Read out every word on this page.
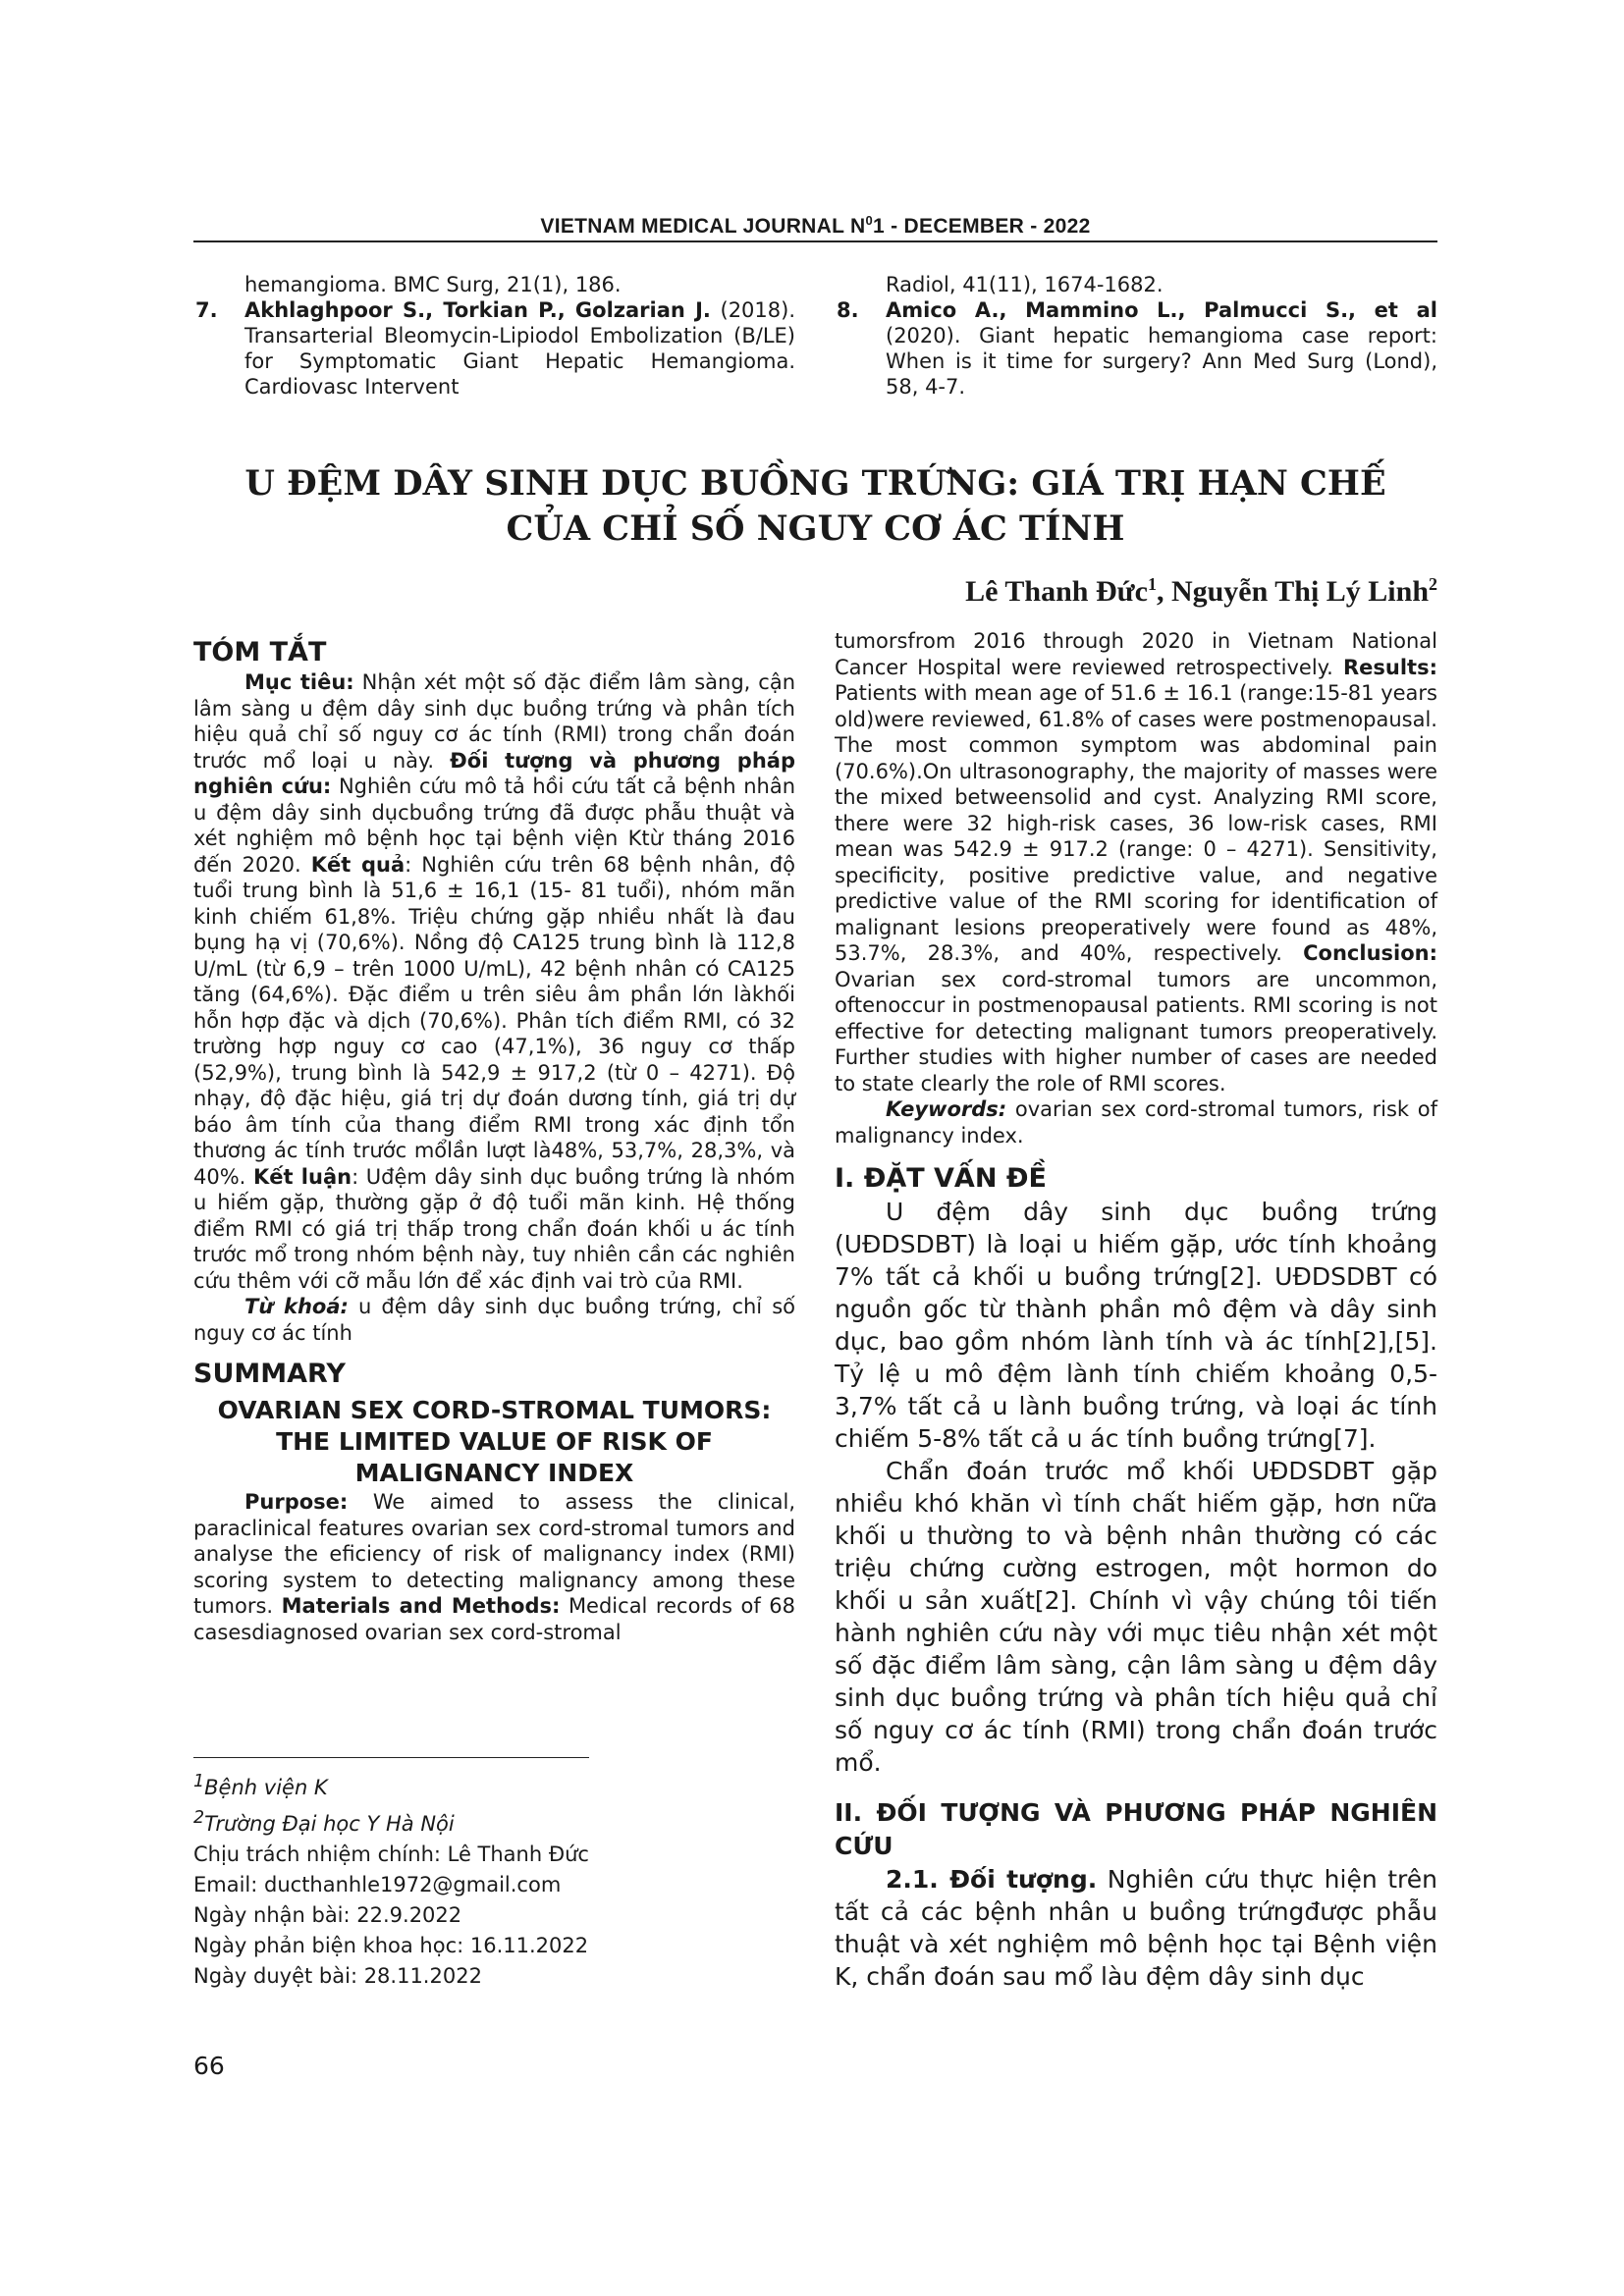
VIETNAM MEDICAL JOURNAL $N^01$ - DECEMBER - 2022
hemangioma. BMC Surg, 21(1), 186.
7. Akhlaghpoor S., Torkian P., Golzarian J. (2018). Transarterial Bleomycin-Lipiodol Embolization (B/LE) for Symptomatic Giant Hepatic Hemangioma. Cardiovasc Intervent
Radiol, 41(11), 1674-1682.
8. Amico A., Mammino L., Palmucci S., et al (2020). Giant hepatic hemangioma case report: When is it time for surgery? Ann Med Surg (Lond), 58, 4-7.
U ĐỆM DÂY SINH DỤC BUỒNG TRỨNG: GIÁ TRỊ HẠN CHẾ
CỦA CHỈ SỐ NGUY CƠ ÁC TÍNH
Lê Thanh Đức$^1$, Nguyễn Thị Lý Linh$^2$
TÓM TẮT

Mục tiêu: Nhận xét một số đặc điểm lâm sàng, cận lâm sàng u đệm dây sinh dục buồng trứng và phân tích hiệu quả chỉ số nguy cơ ác tính (RMI) trong chẩn đoán trước mổ loại u này. Đối tượng và phương pháp nghiên cứu: Nghiên cứu mô tả hồi cứu tất cả bệnh nhân u đệm dây sinh dụcbuồng trứng đã được phẫu thuật và xét nghiệm mô bệnh học tại bệnh viện Ktừ tháng 2016 đến 2020. Kết quả: Nghiên cứu trên 68 bệnh nhân, độ tuổi trung bình là 51,6 ± 16,1 (15- 81 tuổi), nhóm mãn kinh chiếm 61,8%. Triệu chứng gặp nhiều nhất là đau bụng hạ vị (70,6%). Nồng độ CA125 trung bình là 112,8 U/mL (từ 6,9 – trên 1000 U/mL), 42 bệnh nhân có CA125 tăng (64,6%). Đặc điểm u trên siêu âm phần lớn làkhối hỗn hợp đặc và dịch (70,6%). Phân tích điểm RMI, có 32 trường hợp nguy cơ cao (47,1%), 36 nguy cơ thấp (52,9%), trung bình là 542,9 ± 917,2 (từ 0 – 4271). Độ nhạy, độ đặc hiệu, giá trị dự đoán dương tính, giá trị dự báo âm tính của thang điểm RMI trong xác định tổn thương ác tính trước mổlần lượt là48%, 53,7%, 28,3%, và 40%. Kết luận: Uđệm dây sinh dục buồng trứng là nhóm u hiếm gặp, thường gặp ở độ tuổi mãn kinh. Hệ thống điểm RMI có giá trị thấp trong chẩn đoán khối u ác tính trước mổ trong nhóm bệnh này, tuy nhiên cần các nghiên cứu thêm với cỡ mẫu lớn để xác định vai trò của RMI.

Từ khoá: u đệm dây sinh dục buồng trứng, chỉ số nguy cơ ác tính

SUMMARY
OVARIAN SEX CORD-STROMAL TUMORS:
THE LIMITED VALUE OF RISK OF
MALIGNANCY INDEX

Purpose: We aimed to assess the clinical, paraclinical features ovarian sex cord-stromal tumors and analyse the eficiency of risk of malignancy index (RMI) scoring system to detecting malignancy among these tumors. Materials and Methods: Medical records of 68 casesdiagnosed ovarian sex cord-stromal

$^1$Bệnh viện K
$^2$Trường Đại học Y Hà Nội
Chịu trách nhiệm chính: Lê Thanh Đức
Email: ducthanhle1972@gmail.com
Ngày nhận bài: 22.9.2022
Ngày phản biện khoa học: 16.11.2022
Ngày duyệt bài: 28.11.2022
66

tumorsfrom 2016 through 2020 in Vietnam National Cancer Hospital were reviewed retrospectively. Results: Patients with mean age of 51.6 ± 16.1 (range:15-81 years old)were reviewed, 61.8% of cases were postmenopausal. The most common symptom was abdominal pain (70.6%).On ultrasonography, the majority of masses were the mixed betweensolid and cyst. Analyzing RMI score, there were 32 high-risk cases, 36 low-risk cases, RMI mean was 542.9 ± 917.2 (range: 0 – 4271). Sensitivity, specificity, positive predictive value, and negative predictive value of the RMI scoring for identification of malignant lesions preoperatively were found as 48%, 53.7%, 28.3%, and 40%, respectively. Conclusion: Ovarian sex cord-stromal tumors are uncommon, oftenoccur in postmenopausal patients. RMI scoring is not effective for detecting malignant tumors preoperatively. Further studies with higher number of cases are needed to state clearly the role of RMI scores.

Keywords: ovarian sex cord-stromal tumors, risk of malignancy index.

I. ĐẶT VẤN ĐỀ

U đệm dây sinh dục buồng trứng (UĐDSDBT) là loại u hiếm gặp, ước tính khoảng 7% tất cả khối u buồng trứng[2]. UĐDSDBT có nguồn gốc từ thành phần mô đệm và dây sinh dục, bao gồm nhóm lành tính và ác tính[2],[5]. Tỷ lệ u mô đệm lành tính chiếm khoảng 0,5-3,7% tất cả u lành buồng trứng, và loại ác tính chiếm 5-8% tất cả u ác tính buồng trứng[7].

Chẩn đoán trước mổ khối UĐDSDBT gặp nhiều khó khăn vì tính chất hiếm gặp, hơn nữa khối u thường to và bệnh nhân thường có các triệu chứng cường estrogen, một hormon do khối u sản xuất[2]. Chính vì vậy chúng tôi tiến hành nghiên cứu này với mục tiêu nhận xét một số đặc điểm lâm sàng, cận lâm sàng u đệm dây sinh dục buồng trứng và phân tích hiệu quả chỉ số nguy cơ ác tính (RMI) trong chẩn đoán trước mổ.

II. ĐỐI TƯỢNG VÀ PHƯƠNG PHÁP NGHIÊN CỨU

2.1. Đối tượng. Nghiên cứu thực hiện trên tất cả các bệnh nhân u buồng trứngđược phẫu thuật và xét nghiệm mô bệnh học tại Bệnh viện K, chẩn đoán sau mổ làu đệm dây sinh dục
